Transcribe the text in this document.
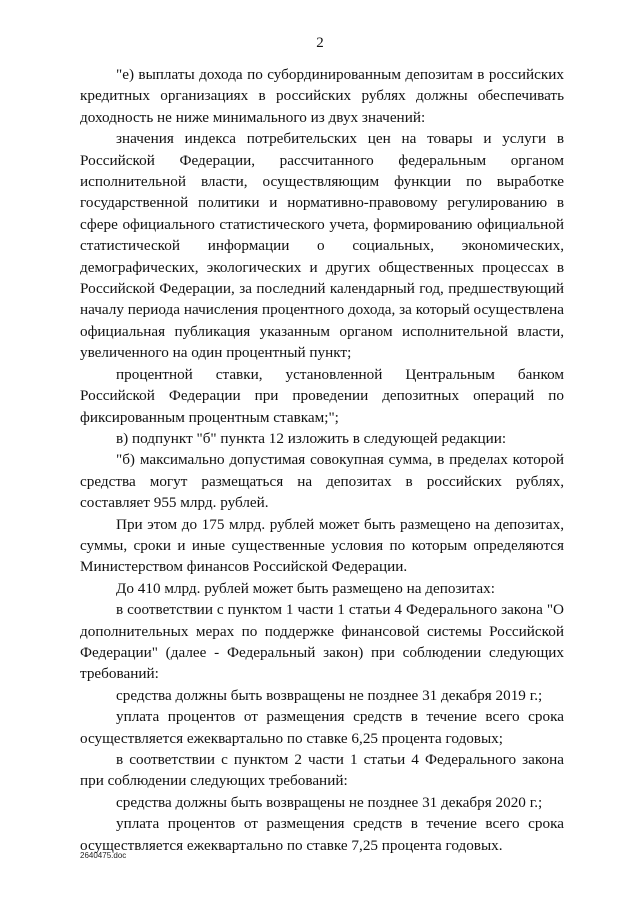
2

"е) выплаты дохода по субординированным депозитам в российских кредитных организациях в российских рублях должны обеспечивать доходность не ниже минимального из двух значений:

значения индекса потребительских цен на товары и услуги в Российской Федерации, рассчитанного федеральным органом исполнительной власти, осуществляющим функции по выработке государственной политики и нормативно-правовому регулированию в сфере официального статистического учета, формированию официальной статистической информации о социальных, экономических, демографических, экологических и других общественных процессах в Российской Федерации, за последний календарный год, предшествующий началу периода начисления процентного дохода, за который осуществлена официальная публикация указанным органом исполнительной власти, увеличенного на один процентный пункт;

процентной ставки, установленной Центральным банком Российской Федерации при проведении депозитных операций по фиксированным процентным ставкам;";

в) подпункт "б" пункта 12 изложить в следующей редакции:

"б) максимально допустимая совокупная сумма, в пределах которой средства могут размещаться на депозитах в российских рублях, составляет 955 млрд. рублей.

При этом до 175 млрд. рублей может быть размещено на депозитах, суммы, сроки и иные существенные условия по которым определяются Министерством финансов Российской Федерации.

До 410 млрд. рублей может быть размещено на депозитах:

в соответствии с пунктом 1 части 1 статьи 4 Федерального закона "О дополнительных мерах по поддержке финансовой системы Российской Федерации" (далее - Федеральный закон) при соблюдении следующих требований:

средства должны быть возвращены не позднее 31 декабря 2019 г.;

уплата процентов от размещения средств в течение всего срока осуществляется ежеквартально по ставке 6,25 процента годовых;

в соответствии с пунктом 2 части 1 статьи 4 Федерального закона при соблюдении следующих требований:

средства должны быть возвращены не позднее 31 декабря 2020 г.;

уплата процентов от размещения средств в течение всего срока осуществляется ежеквартально по ставке 7,25 процента годовых.

2640475.doc
